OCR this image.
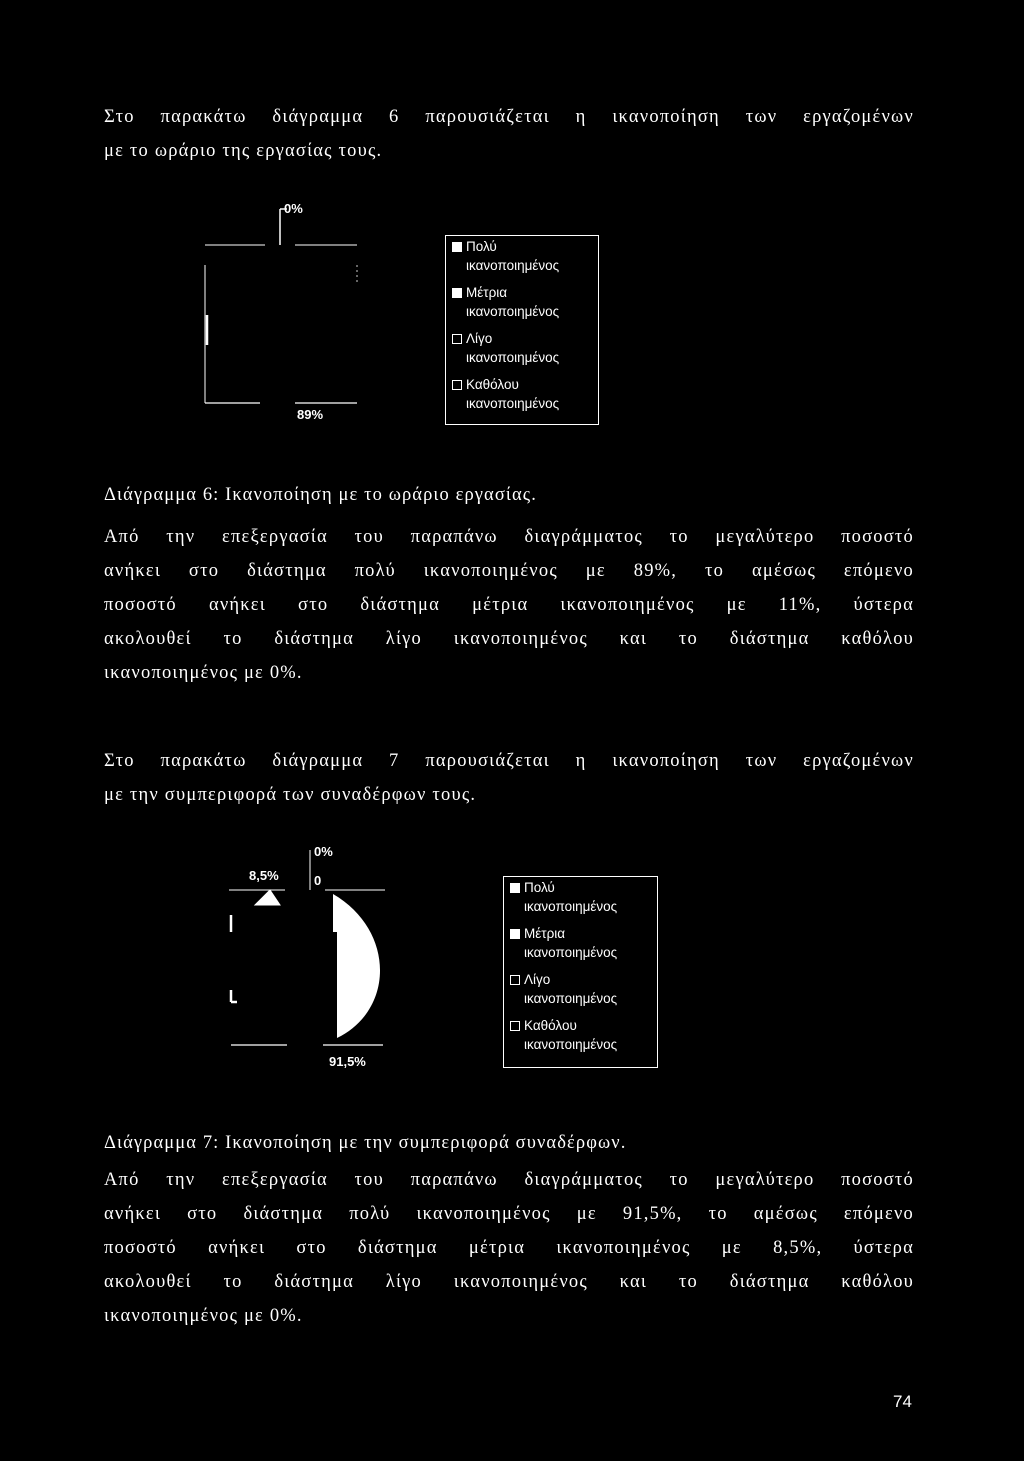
Στο παρακάτω διάγραμμα 6 παρουσιάζεται η ικανοποίηση των εργαζομένων
με το ωράριο της εργασίας τους.
0%
89%
Πολύ
ικανοποιημένος
Μέτρια
ικανοποιημένος
Λίγο
ικανοποιημένος
Καθόλου
ικανοποιημένος
Διάγραμμα 6: Ικανοποίηση με το ωράριο εργασίας.
Από την επεξεργασία του παραπάνω διαγράμματος το μεγαλύτερο ποσοστό
ανήκει στο διάστημα πολύ ικανοποιημένος με 89%, το αμέσως επόμενο
ποσοστό ανήκει στο διάστημα μέτρια ικανοποιημένος με 11%, ύστερα
ακολουθεί το διάστημα λίγο ικανοποιημένος και το διάστημα καθόλου
ικανοποιημένος με 0%.
Στο παρακάτω διάγραμμα 7 παρουσιάζεται η ικανοποίηση των εργαζομένων
με την συμπεριφορά των συναδέρφων τους.
0%
8,5%	0
91,5%
Πολύ
ικανοποιημένος
Μέτρια
ικανοποιημένος
Λίγο
ικανοποιημένος
Καθόλου
ικανοποιημένος
Διάγραμμα 7: Ικανοποίηση με την συμπεριφορά συναδέρφων.
Από την επεξεργασία του παραπάνω διαγράμματος το μεγαλύτερο ποσοστό
ανήκει στο διάστημα πολύ ικανοποιημένος με 91,5%, το αμέσως επόμενο
ποσοστό ανήκει στο διάστημα μέτρια ικανοποιημένος με 8,5%, ύστερα
ακολουθεί το διάστημα λίγο ικανοποιημένος και το διάστημα καθόλου
ικανοποιημένος με 0%.
74
